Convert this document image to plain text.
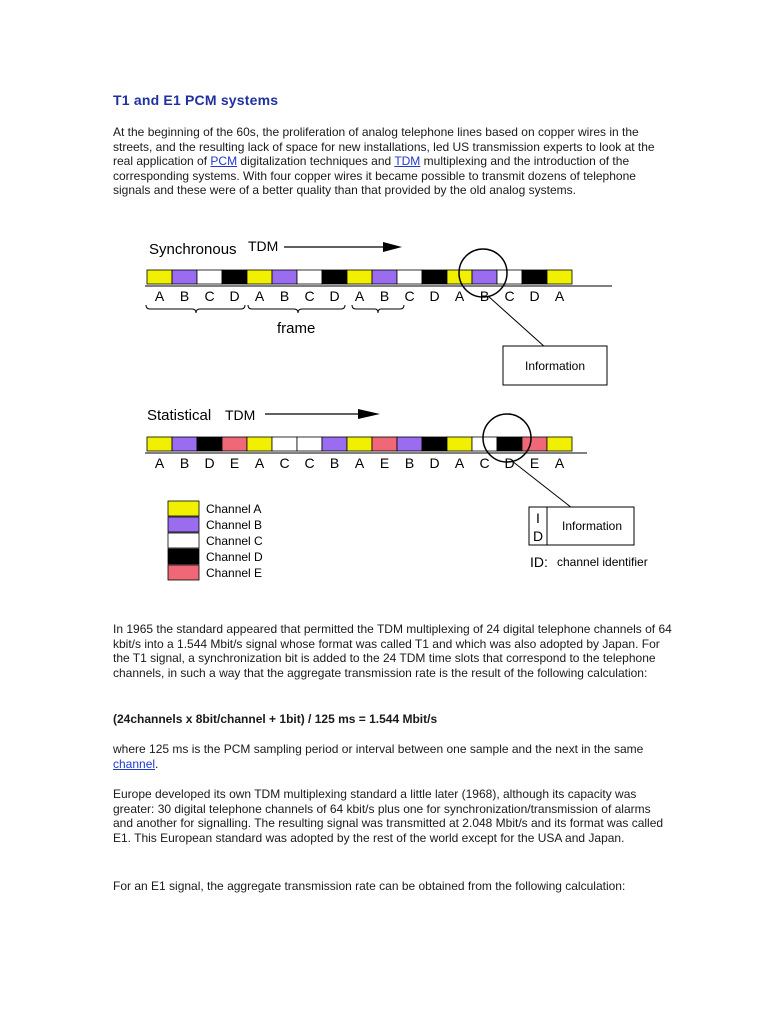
T1 and E1 PCM systems

At the beginning of the 60s, the proliferation of analog telephone lines based on copper wires in the streets, and the resulting lack of space for new installations, led US transmission experts to look at the real application of PCM digitalization techniques and TDM multiplexing and the introduction of the corresponding systems. With four copper wires it became possible to transmit dozens of telephone signals and these were of a better quality than that provided by the old analog systems.

Synchronous TDM
A B C D A B C D A B C D A B C D A
frame
Information
Statistical TDM
A B D E A C C B A E B D A C D E A
I
D
Information
ID: channel identifier
Channel A
Channel B
Channel C
Channel D
Channel E

In 1965 the standard appeared that permitted the TDM multiplexing of 24 digital telephone channels of 64 kbit/s into a 1.544 Mbit/s signal whose format was called T1 and which was also adopted by Japan. For the T1 signal, a synchronization bit is added to the 24 TDM time slots that correspond to the telephone channels, in such a way that the aggregate transmission rate is the result of the following calculation:

(24channels x 8bit/channel + 1bit) / 125 ms = 1.544 Mbit/s

where 125 ms is the PCM sampling period or interval between one sample and the next in the same channel.

Europe developed its own TDM multiplexing standard a little later (1968), although its capacity was greater: 30 digital telephone channels of 64 kbit/s plus one for synchronization/transmission of alarms and another for signalling. The resulting signal was transmitted at 2.048 Mbit/s and its format was called E1. This European standard was adopted by the rest of the world except for the USA and Japan.

For an E1 signal, the aggregate transmission rate can be obtained from the following calculation:
